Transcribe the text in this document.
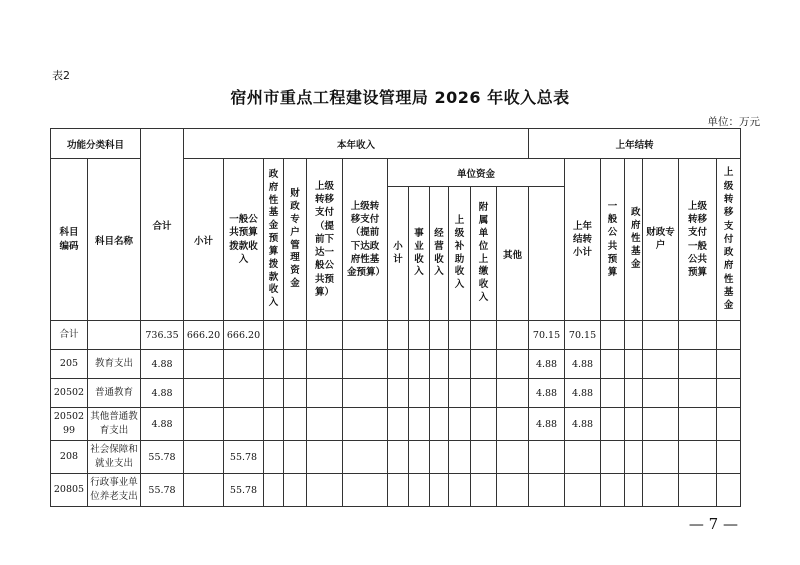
表2
宿州市重点工程建设管理局 2026 年收入总表
单位：万元
功能分类科目		合计	本年收入												上年结转							
科目编码	科目名称		小计	一般公共预算拨款收入	政府性基金预算拨款收入	财政专户管理资金	上级转移支付（提前下达一般公共预算）	上级转移支付（提前下达政府性基金预算）	单位资金							上年结转小计	一般公共预算	政府性基金	财政专户	上级转移支付一般公共预算	上级转移支付政府性基金	
									小计	事业收入	经营收入	上级补助收入	附属单位上缴收入	其他								
合计		736.35	666.20	666.20											70.15	70.15						
205	教育支出	4.88													4.88	4.88						
20502	普通教育	4.88													4.88	4.88						
20502 99	其他普通教育支出	4.88													4.88	4.88						
208	社会保障和就业支出	55.78		55.78																		
20805	行政事业单位养老支出	55.78		55.78																		
— 7 —
